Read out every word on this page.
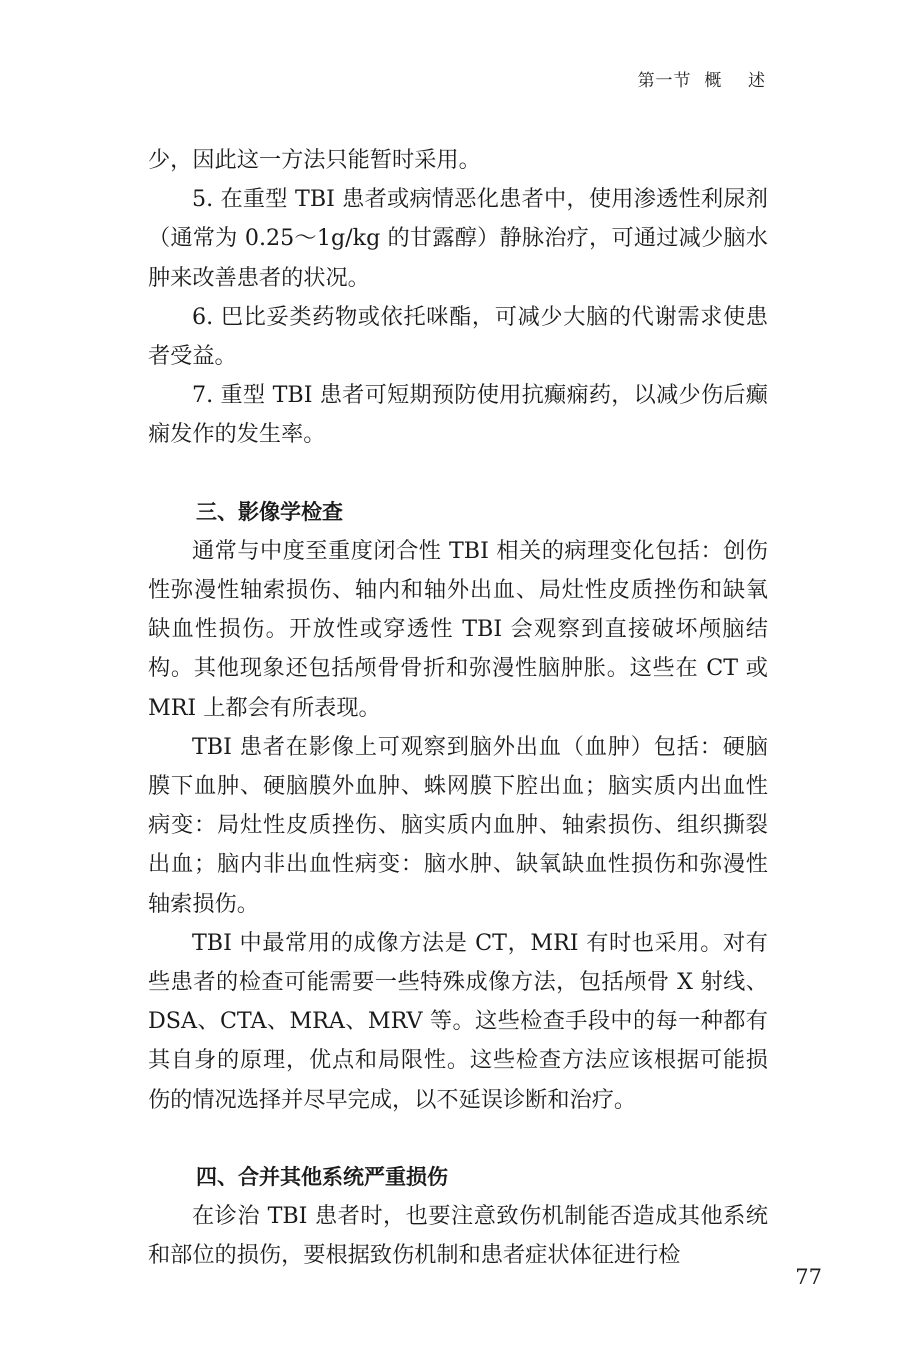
第一节  概    述

少，因此这一方法只能暂时采用。

5. 在重型 TBI 患者或病情恶化患者中，使用渗透性利尿剂（通常为 0.25～1g/kg 的甘露醇）静脉治疗，可通过减少脑水肿来改善患者的状况。

6. 巴比妥类药物或依托咪酯，可减少大脑的代谢需求使患者受益。

7. 重型 TBI 患者可短期预防使用抗癫痫药，以减少伤后癫痫发作的发生率。

三、影像学检查

通常与中度至重度闭合性 TBI 相关的病理变化包括：创伤性弥漫性轴索损伤、轴内和轴外出血、局灶性皮质挫伤和缺氧缺血性损伤。开放性或穿透性 TBI 会观察到直接破坏颅脑结构。其他现象还包括颅骨骨折和弥漫性脑肿胀。这些在 CT 或 MRI 上都会有所表现。

TBI 患者在影像上可观察到脑外出血（血肿）包括：硬脑膜下血肿、硬脑膜外血肿、蛛网膜下腔出血；脑实质内出血性病变：局灶性皮质挫伤、脑实质内血肿、轴索损伤、组织撕裂出血；脑内非出血性病变：脑水肿、缺氧缺血性损伤和弥漫性轴索损伤。

TBI 中最常用的成像方法是 CT，MRI 有时也采用。对有些患者的检查可能需要一些特殊成像方法，包括颅骨 X 射线、DSA、CTA、MRA、MRV 等。这些检查手段中的每一种都有其自身的原理，优点和局限性。这些检查方法应该根据可能损伤的情况选择并尽早完成，以不延误诊断和治疗。

四、合并其他系统严重损伤

在诊治 TBI 患者时，也要注意致伤机制能否造成其他系统和部位的损伤，要根据致伤机制和患者症状体征进行检

77
